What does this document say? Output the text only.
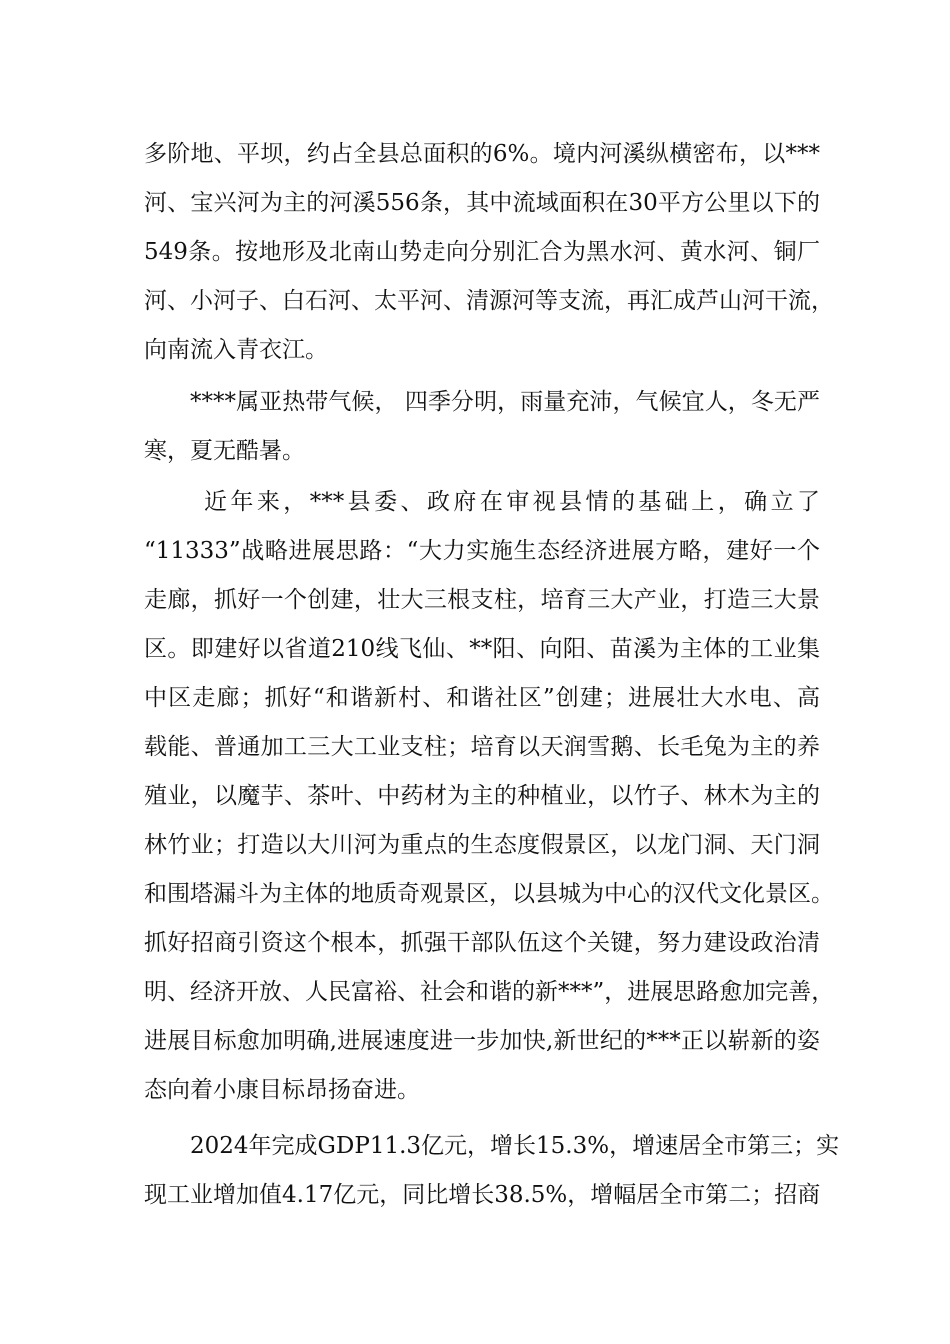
多阶地、平坝，约占全县总面积的6%。境内河溪纵横密布，以***
河、宝兴河为主的河溪556条，其中流域面积在30平方公里以下的
549条。按地形及北南山势走向分别汇合为黑水河、黄水河、铜厂
河、小河子、白石河、太平河、清源河等支流，再汇成芦山河干流，
向南流入青衣江。
****属亚热带气候， 四季分明，雨量充沛，气候宜人，冬无严
寒，夏无酷暑。
近年来，***县委、政府在审视县情的基础上，确立了
“11333”战略进展思路：“大力实施生态经济进展方略，建好一个
走廊，抓好一个创建，壮大三根支柱，培育三大产业，打造三大景
区。即建好以省道210线飞仙、**阳、向阳、苗溪为主体的工业集
中区走廊；抓好“和谐新村、和谐社区”创建；进展壮大水电、高
载能、普通加工三大工业支柱；培育以天润雪鹅、长毛兔为主的养
殖业，以魔芋、茶叶、中药材为主的种植业，以竹子、林木为主的
林竹业；打造以大川河为重点的生态度假景区，以龙门洞、天门洞
和围塔漏斗为主体的地质奇观景区，以县城为中心的汉代文化景区。
抓好招商引资这个根本，抓强干部队伍这个关键，努力建设政治清
明、经济开放、人民富裕、社会和谐的新***”，进展思路愈加完善，
进展目标愈加明确,进展速度进一步加快,新世纪的***正以崭新的姿
态向着小康目标昂扬奋进。
2024年完成GDP11.3亿元，增长15.3%，增速居全市第三；实
现工业增加值4.17亿元，同比增长38.5%，增幅居全市第二；招商
